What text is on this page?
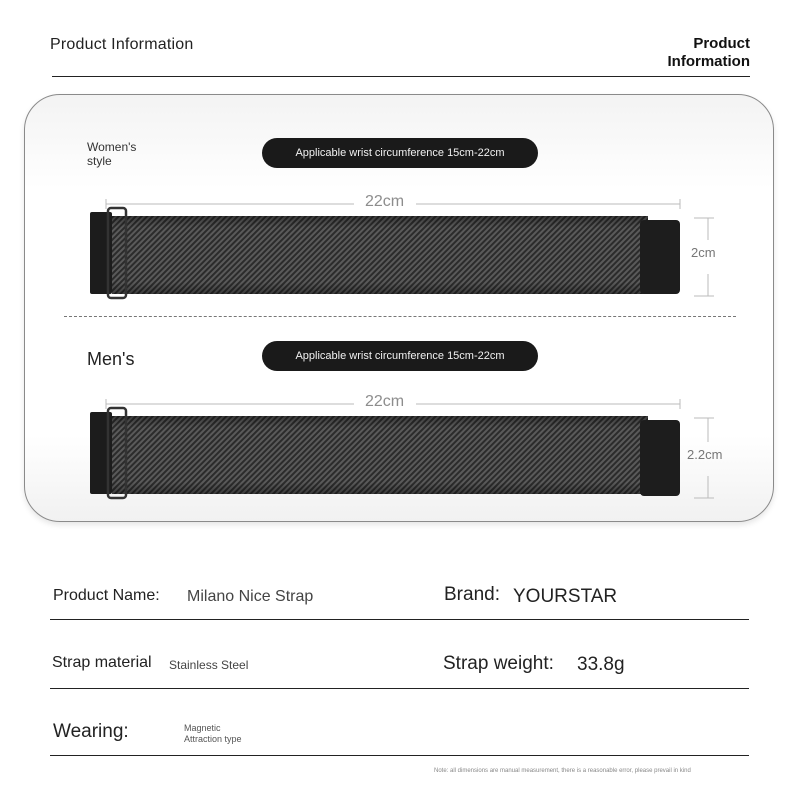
Product Information	Product
Information
Women's
style
Applicable wrist circumference 15cm-22cm
22cm
2cm
Men's	Applicable wrist circumference 15cm-22cm
22cm
2.2cm
Product Name: Milano Nice Strap	Brand: YOURSTAR
Strap material Stainless Steel	Strap weight: 33.8g
Wearing:	Magnetic
Attraction type
Note: all dimensions are manual measurement, there is a reasonable error, please prevail in kind
